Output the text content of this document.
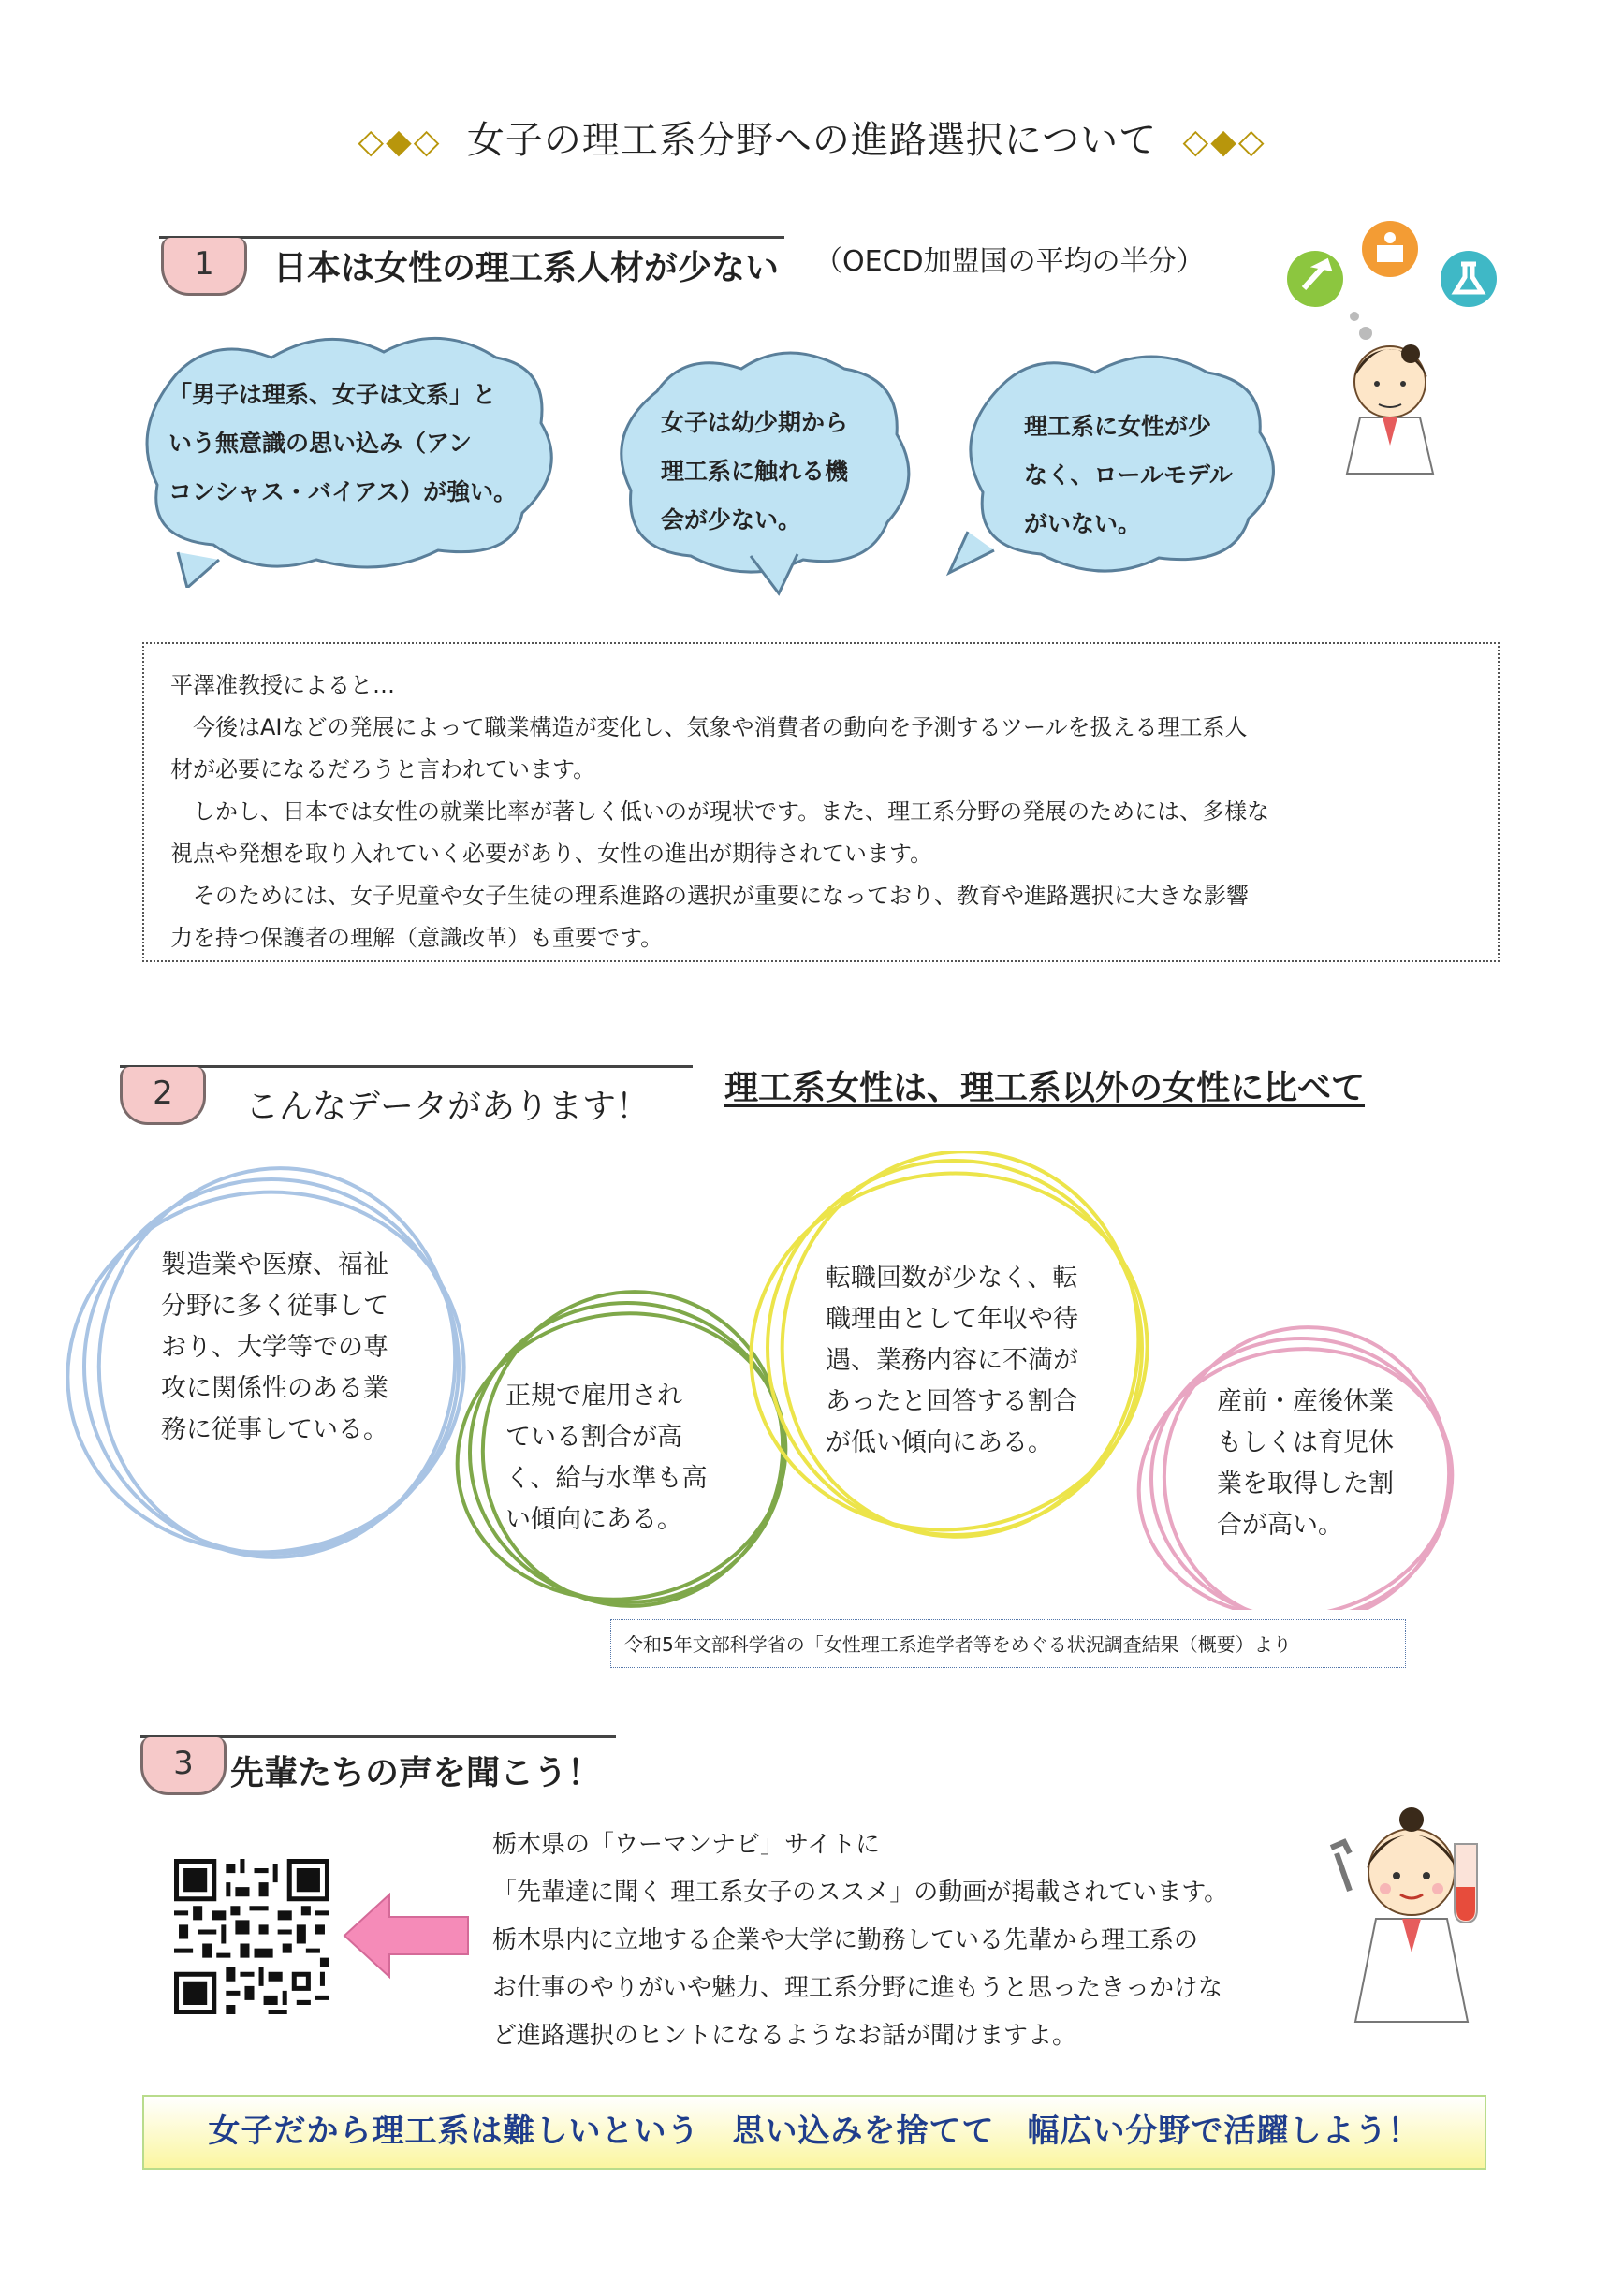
◇◆◇ 女子の理工系分野への進路選択について ◇◆◇
1	日本は女性の理工系人材が少ない （OECD加盟国の平均の半分）
「男子は理系、女子は文系」と
いう無意識の思い込み（アン
コンシャス・バイアス）が強い。
女子は幼少期から
理工系に触れる機
会が少ない。
理工系に女性が少
なく、ロールモデル
がいない。
平澤准教授によると…
　今後はAIなどの発展によって職業構造が変化し、気象や消費者の動向を予測するツールを扱える理工系人
材が必要になるだろうと言われています。
　しかし、日本では女性の就業比率が著しく低いのが現状です。また、理工系分野の発展のためには、多様な
視点や発想を取り入れていく必要があり、女性の進出が期待されています。
　そのためには、女子児童や女子生徒の理系進路の選択が重要になっており、教育や進路選択に大きな影響
力を持つ保護者の理解（意識改革）も重要です。
2	こんなデータがあります！ 理工系女性は、理工系以外の女性に比べて
製造業や医療、福祉
分野に多く従事して
おり、大学等での専
攻に関係性のある業
務に従事している。
正規で雇用され
ている割合が高
く、給与水準も高
い傾向にある。
転職回数が少なく、転
職理由として年収や待
遇、業務内容に不満が
あったと回答する割合
が低い傾向にある。
産前・産後休業
もしくは育児休
業を取得した割
合が高い。
令和5年文部科学省の「女性理工系進学者等をめぐる状況調査結果（概要）より
3	先輩たちの声を聞こう！
栃木県の「ウーマンナビ」サイトに
「先輩達に聞く 理工系女子のススメ」の動画が掲載されています。
栃木県内に立地する企業や大学に勤務している先輩から理工系の
お仕事のやりがいや魅力、理工系分野に進もうと思ったきっかけな
ど進路選択のヒントになるようなお話が聞けますよ。
女子だから理工系は難しいという　思い込みを捨てて　幅広い分野で活躍しよう！
